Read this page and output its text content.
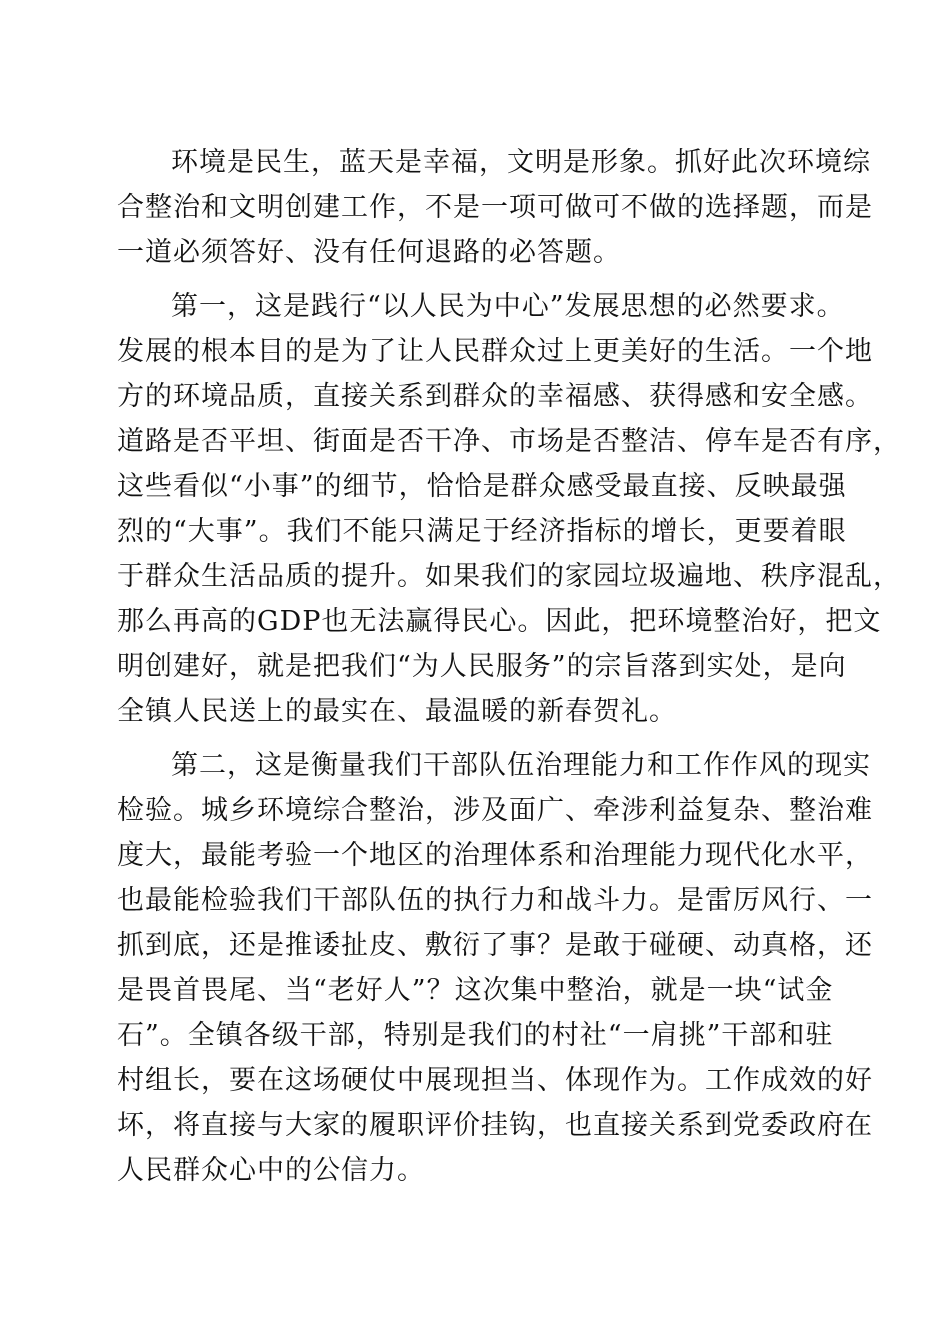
环境是民生，蓝天是幸福，文明是形象。抓好此次环境综
合整治和文明创建工作，不是一项可做可不做的选择题，而是
一道必须答好、没有任何退路的必答题。
第一，这是践行“以人民为中心”发展思想的必然要求。
发展的根本目的是为了让人民群众过上更美好的生活。一个地
方的环境品质，直接关系到群众的幸福感、获得感和安全感。
道路是否平坦、街面是否干净、市场是否整洁、停车是否有序，
这些看似“小事”的细节，恰恰是群众感受最直接、反映最强
烈的“大事”。我们不能只满足于经济指标的增长，更要着眼
于群众生活品质的提升。如果我们的家园垃圾遍地、秩序混乱，
那么再高的GDP也无法赢得民心。因此，把环境整治好，把文
明创建好，就是把我们“为人民服务”的宗旨落到实处，是向
全镇人民送上的最实在、最温暖的新春贺礼。
第二，这是衡量我们干部队伍治理能力和工作作风的现实
检验。城乡环境综合整治，涉及面广、牵涉利益复杂、整治难
度大，最能考验一个地区的治理体系和治理能力现代化水平，
也最能检验我们干部队伍的执行力和战斗力。是雷厉风行、一
抓到底，还是推诿扯皮、敷衍了事？是敢于碰硬、动真格，还
是畏首畏尾、当“老好人”？这次集中整治，就是一块“试金
石”。全镇各级干部，特别是我们的村社“一肩挑”干部和驻
村组长，要在这场硬仗中展现担当、体现作为。工作成效的好
坏，将直接与大家的履职评价挂钩，也直接关系到党委政府在
人民群众心中的公信力。
